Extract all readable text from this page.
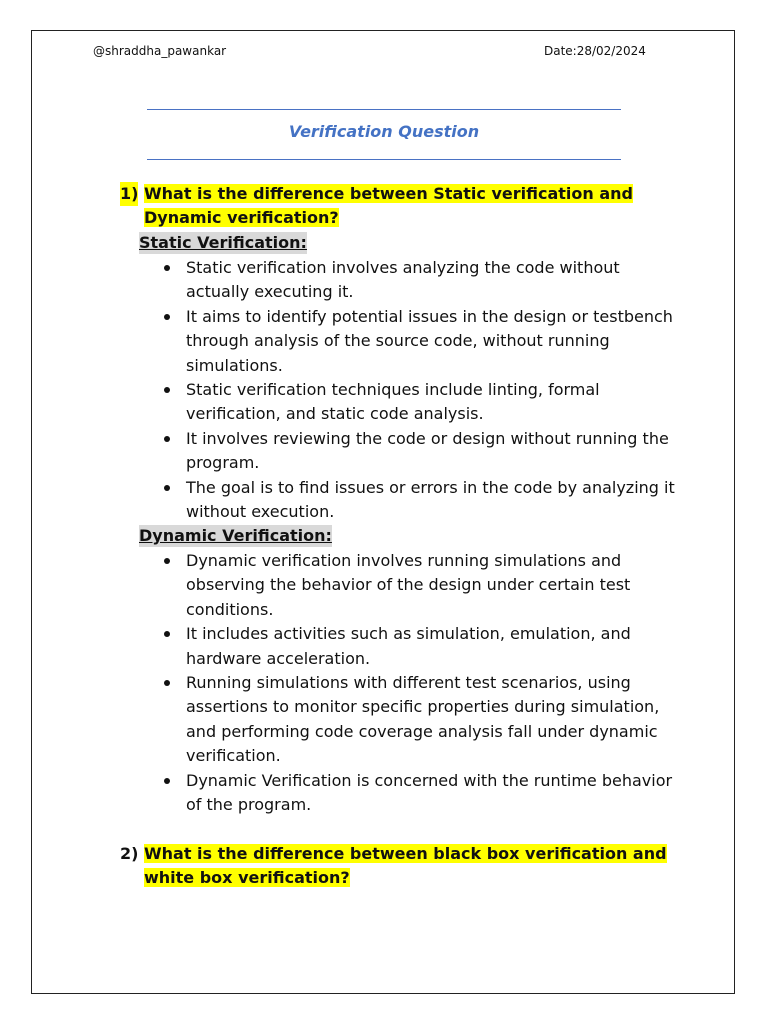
@shraddha_pawankar	Date:28/02/2024
Verification Question
1) What is the difference between Static verification and
Dynamic verification?
Static Verification:
Static verification involves analyzing the code without actually executing it.
It aims to identify potential issues in the design or testbench through analysis of the source code, without running simulations.
Static verification techniques include linting, formal verification, and static code analysis.
It involves reviewing the code or design without running the program.
The goal is to find issues or errors in the code by analyzing it without execution.
Dynamic Verification:
Dynamic verification involves running simulations and observing the behavior of the design under certain test conditions.
It includes activities such as simulation, emulation, and hardware acceleration.
Running simulations with different test scenarios, using assertions to monitor specific properties during simulation, and performing code coverage analysis fall under dynamic verification.
Dynamic Verification is concerned with the runtime behavior of the program.
2) What is the difference between black box verification and
white box verification?
